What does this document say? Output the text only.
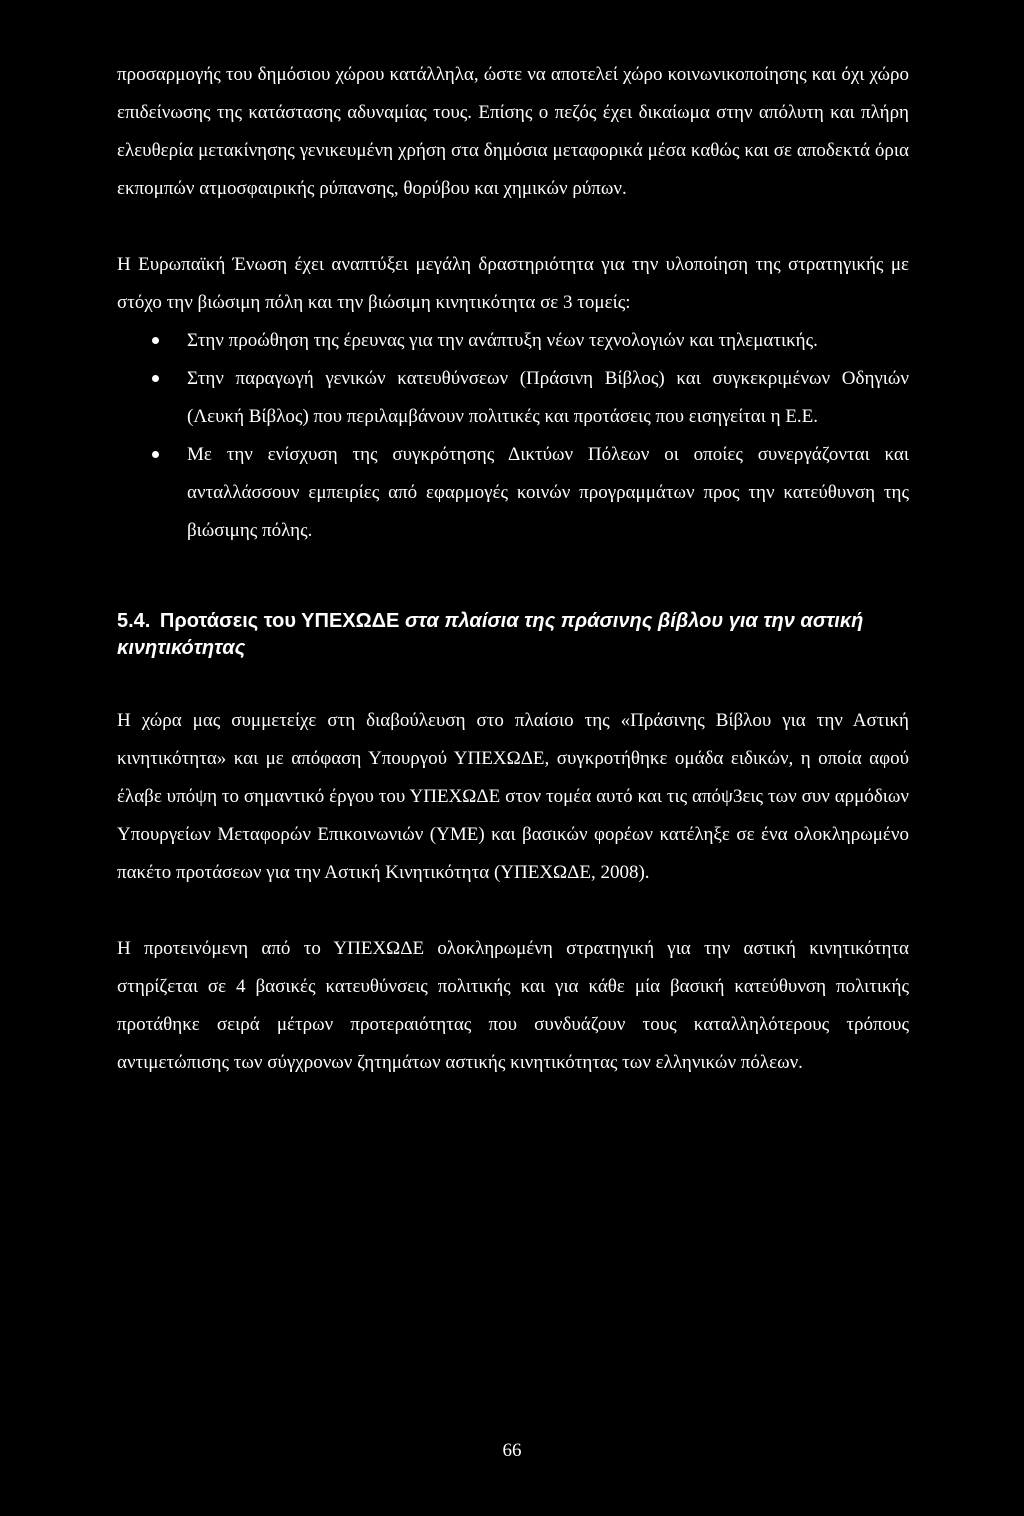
προσαρμογής του δημόσιου χώρου κατάλληλα, ώστε να αποτελεί χώρο κοινωνικοποίησης και όχι χώρο επιδείνωσης της κατάστασης αδυναμίας τους. Επίσης ο πεζός έχει δικαίωμα στην απόλυτη και πλήρη ελευθερία μετακίνησης γενικευμένη χρήση στα δημόσια μεταφορικά μέσα καθώς και σε αποδεκτά όρια εκπομπών ατμοσφαιρικής ρύπανσης, θορύβου και χημικών ρύπων.

Η Ευρωπαϊκή Ένωση έχει αναπτύξει μεγάλη δραστηριότητα για την υλοποίηση της στρατηγικής με στόχο την βιώσιμη πόλη και την βιώσιμη κινητικότητα σε 3 τομείς:

Στην προώθηση της έρευνας για την ανάπτυξη νέων τεχνολογιών και τηλεματικής.
Στην παραγωγή γενικών κατευθύνσεων (Πράσινη Βίβλος) και συγκεκριμένων Οδηγιών (Λευκή Βίβλος) που περιλαμβάνουν πολιτικές και προτάσεις που εισηγείται η Ε.Ε.
Με την ενίσχυση της συγκρότησης Δικτύων Πόλεων οι οποίες συνεργάζονται και ανταλλάσσουν εμπειρίες από εφαρμογές κοινών προγραμμάτων προς την κατεύθυνση της βιώσιμης πόλης.
5.4. Προτάσεις του ΥΠΕΧΩΔΕ στα πλαίσια της πράσινης βίβλου για την αστική κινητικότητας

Η χώρα μας συμμετείχε στη διαβούλευση στο πλαίσιο της «Πράσινης Βίβλου για την Αστική κινητικότητα» και με απόφαση Υπουργού ΥΠΕΧΩΔΕ, συγκροτήθηκε ομάδα ειδικών, η οποία αφού έλαβε υπόψη το σημαντικό έργου του ΥΠΕΧΩΔΕ στον τομέα αυτό και τις απόψ3εις των συν αρμόδιων Υπουργείων Μεταφορών Επικοινωνιών (ΥΜΕ) και βασικών φορέων κατέληξε σε ένα ολοκληρωμένο πακέτο προτάσεων για την Αστική Κινητικότητα (ΥΠΕΧΩΔΕ, 2008).

Η προτεινόμενη από το ΥΠΕΧΩΔΕ ολοκληρωμένη στρατηγική για την αστική κινητικότητα στηρίζεται σε 4 βασικές κατευθύνσεις πολιτικής και για κάθε μία βασική κατεύθυνση πολιτικής προτάθηκε σειρά μέτρων προτεραιότητας που συνδυάζουν τους καταλληλότερους τρόπους αντιμετώπισης των σύγχρονων ζητημάτων αστικής κινητικότητας των ελληνικών πόλεων.

66
